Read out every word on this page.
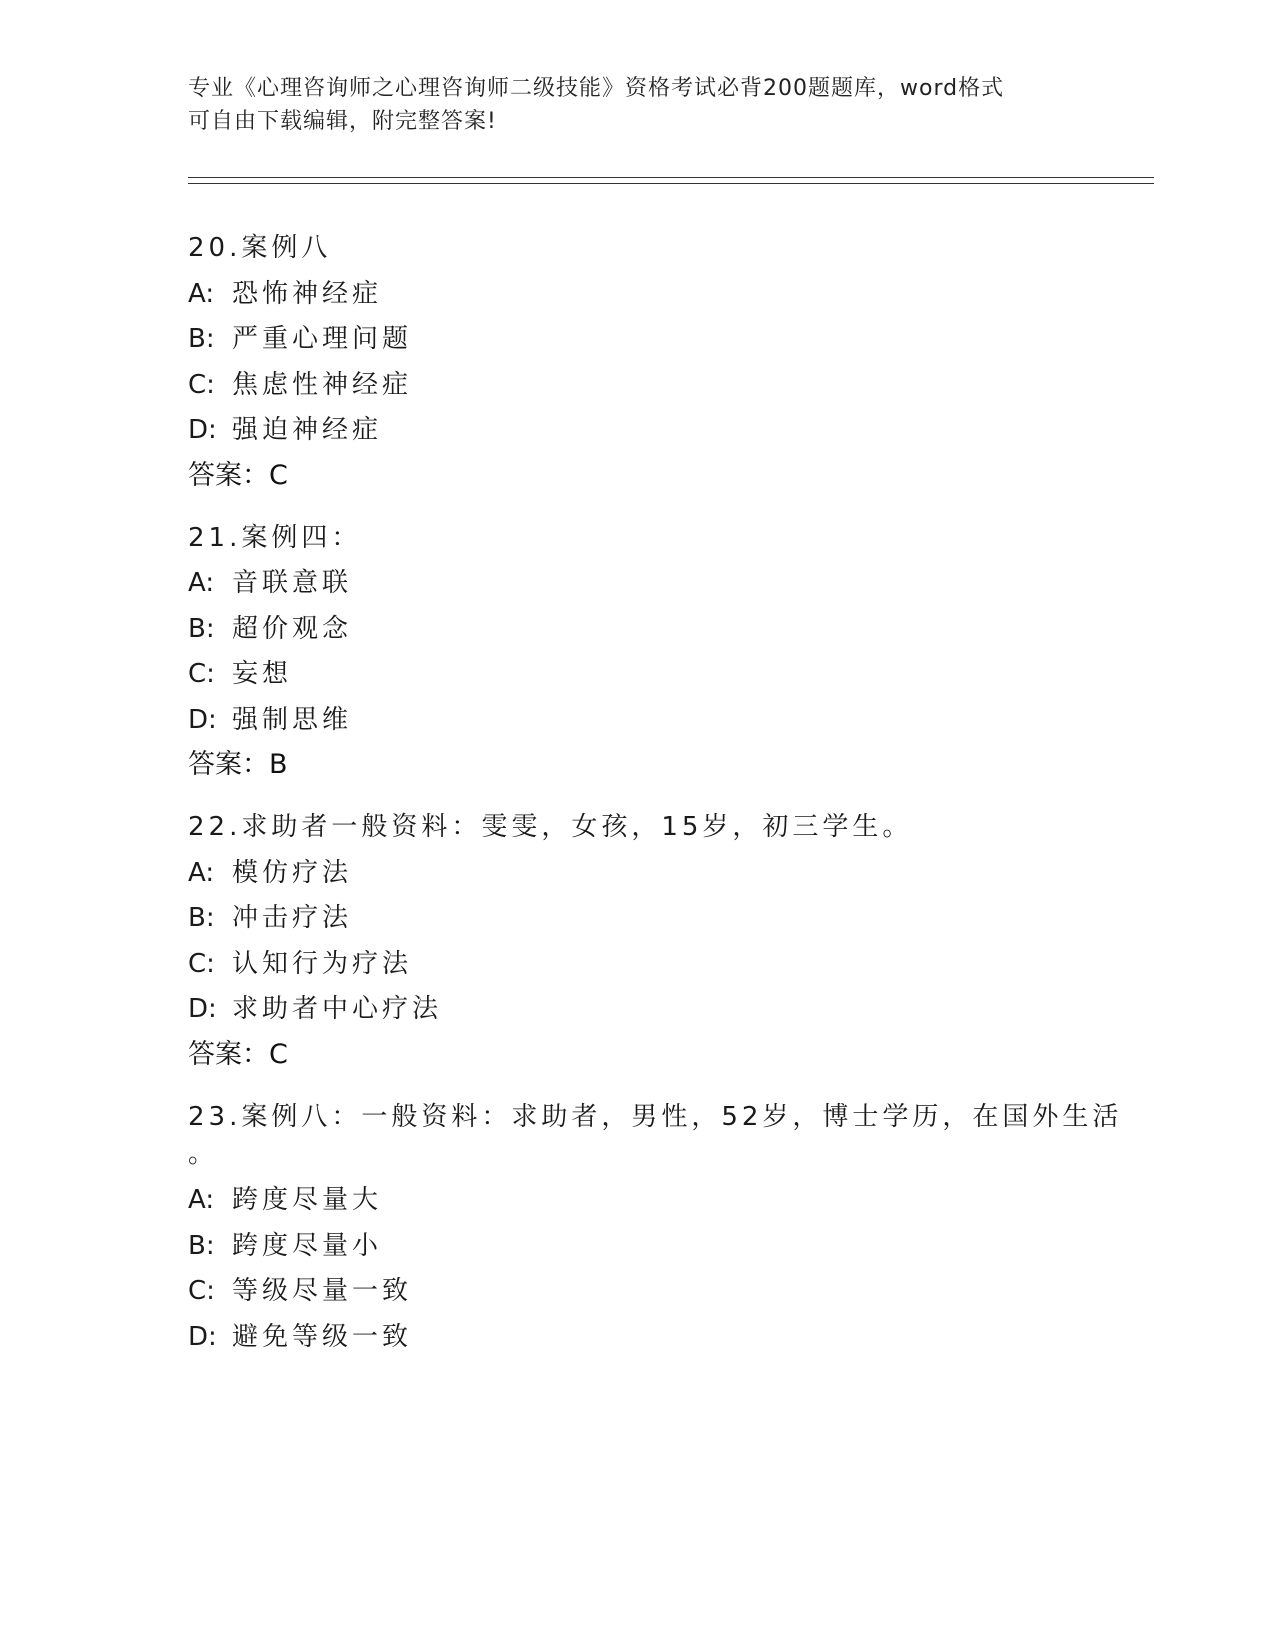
专业《心理咨询师之心理咨询师二级技能》资格考试必背200题题库，word格式
可自由下载编辑，附完整答案!
20.案例八
A: 恐怖神经症
B: 严重心理问题
C: 焦虑性神经症
D: 强迫神经症
答案：C
21.案例四：
A: 音联意联
B: 超价观念
C: 妄想
D: 强制思维
答案：B
22.求助者一般资料：雯雯，女孩，15岁，初三学生。
A: 模仿疗法
B: 冲击疗法
C: 认知行为疗法
D: 求助者中心疗法
答案：C
23.案例八：一般资料：求助者，男性，52岁，博士学历，在国外生活
。
A: 跨度尽量大
B: 跨度尽量小
C: 等级尽量一致
D: 避免等级一致
